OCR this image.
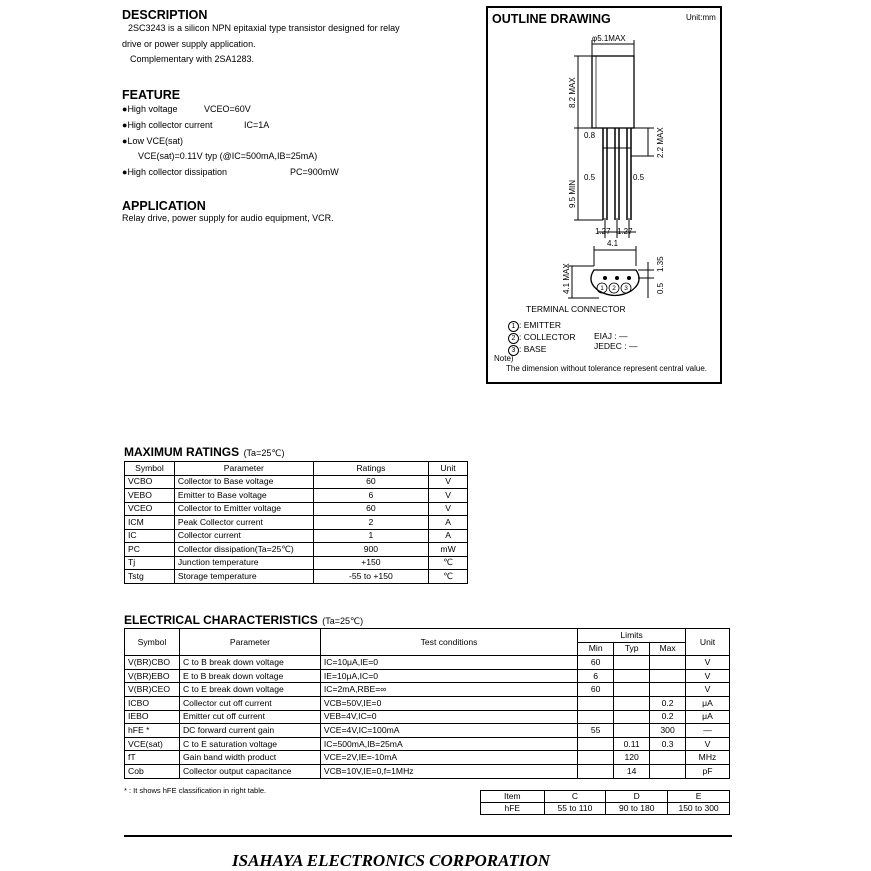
DESCRIPTION
2SC3243 is a silicon NPN epitaxial type transistor designed for relay
drive or power supply application.
Complementary with 2SA1283.
FEATURE
●High voltage	VCEO=60V
●High collector current	IC=1A
●Low VCE(sat)
VCE(sat)=0.11V typ (@IC=500mA,IB=25mA)
●High collector dissipation	PC=900mW
APPLICATION
Relay drive, power supply for audio equipment, VCR.
OUTLINE DRAWING	Unit:mm
1 2 3
φ5.1MAX
8.2 MAX
0.8	2.2 MAX
9.5 MIN
0.5	0.5
1.27 1.27
4.1
4.1 MAX	1.35
0.5
TERMINAL CONNECTOR
1 : EMITTER
2 : COLLECTOR
3 : BASE
EIAJ : —
JEDEC : —
Note)
The dimension without tolerance represent central value.
MAXIMUM RATINGS (Ta=25℃)
Symbol	Parameter	Ratings	Unit
VCBO	Collector to Base voltage	60	V
VEBO	Emitter to Base voltage	6	V
VCEO	Collector to Emitter voltage	60	V
ICM	Peak Collector current	2	A
IC	Collector current	1	A
PC	Collector dissipation(Ta=25℃)	900	mW
Tj	Junction temperature	+150	℃
Tstg	Storage temperature	-55 to +150	℃
ELECTRICAL CHARACTERISTICS (Ta=25℃)
Symbol	Parameter	Test conditions	Limits			Unit
			Min	Typ	Max	
V(BR)CBO	C to B break down voltage	IC=10μA,IE=0	60			V
V(BR)EBO	E to B break down voltage	IE=10μA,IC=0	6			V
V(BR)CEO	C to E break down voltage	IC=2mA,RBE=∞	60			V
ICBO	Collector cut off current	VCB=50V,IE=0			0.2	μA
IEBO	Emitter cut off current	VEB=4V,IC=0			0.2	μA
hFE *	DC forward current gain	VCE=4V,IC=100mA	55		300	—
VCE(sat)	C to E saturation voltage	IC=500mA,IB=25mA		0.11	0.3	V
fT	Gain band width product	VCE=2V,IE=-10mA		120		MHz
Cob	Collector output capacitance	VCB=10V,IE=0,f=1MHz		14		pF
* : It shows hFE classification in right table.
Item	C	D	E
hFE	55 to 110	90 to 180	150 to 300
ISAHAYA ELECTRONICS CORPORATION
